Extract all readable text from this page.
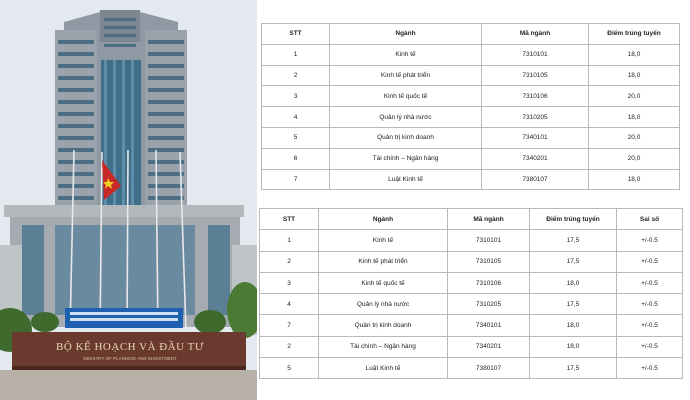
BỘ KẾ HOẠCH VÀ ĐẦU TƯ
MINISTRY OF PLANNING AND INVESTMENT
STT	Ngành	Mã ngành	Điểm trúng tuyển
1	Kinh tế	7310101	18,0
2	Kinh tế phát triển	7310105	18,0
3	Kinh tế quốc tế	7310106	20,0
4	Quản lý nhà nước	7310205	18,0
5	Quản trị kinh doanh	7340101	20,0
6	Tài chính – Ngân hàng	7340201	20,0
7	Luật Kinh tế	7380107	18,0
STT	Ngành	Mã ngành	Điểm trúng tuyển	Sai số
1	Kinh tế	7310101	17,5	+/-0.5
2	Kinh tế phát triển	7310105	17,5	+/-0.5
3	Kinh tế quốc tế	7310106	18,0	+/-0.5
4	Quản lý nhà nước	7310205	17,5	+/-0.5
7	Quản trị kinh doanh	7340101	18,0	+/-0.5
2	Tài chính – Ngân hàng	7340201	18,0	+/-0.5
5	Luật Kinh tế	7380107	17,5	+/-0.5
